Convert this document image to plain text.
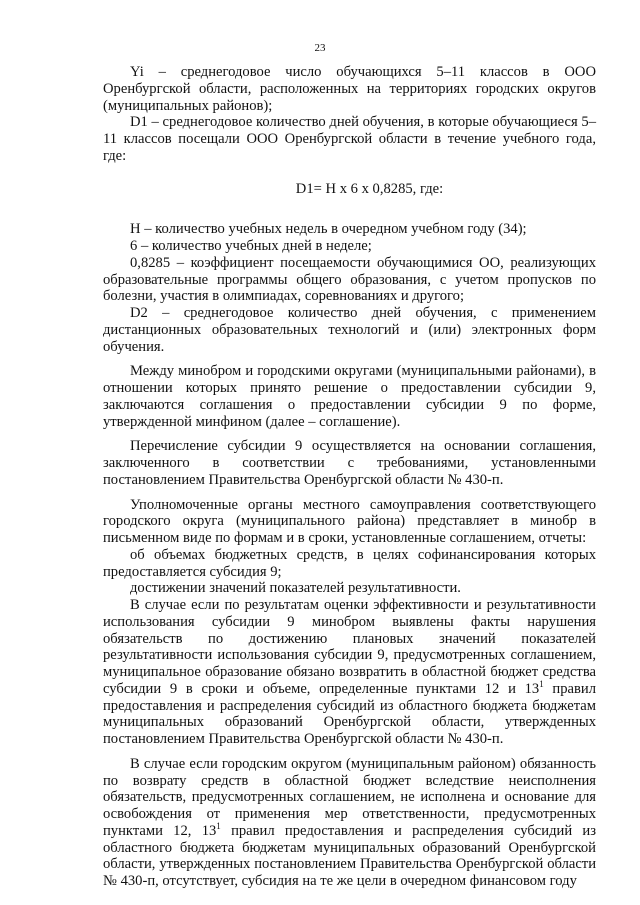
23

Yi – среднегодовое число обучающихся 5–11 классов в ООО Оренбургской области, расположенных на территориях городских округов (муниципальных районов);

D1 – среднегодовое количество дней обучения, в которые обучающиеся 5–11 классов посещали ООО Оренбургской области в течение учебного года, где:

D1= Н х 6 х 0,8285, где:

Н – количество учебных недель в очередном учебном году (34);

6 – количество учебных дней в неделе;

0,8285 – коэффициент посещаемости обучающимися ОО, реализующих образовательные программы общего образования, с учетом пропусков по болезни, участия в олимпиадах, соревнованиях и другого;

D2 – среднегодовое количество дней обучения, с применением дистанционных образовательных технологий и (или) электронных форм обучения.

Между минобром и городскими округами (муниципальными районами), в отношении которых принято решение о предоставлении субсидии 9, заключаются соглашения о предоставлении субсидии 9 по форме, утвержденной минфином (далее – соглашение).

Перечисление субсидии 9 осуществляется на основании соглашения, заключенного в соответствии с требованиями, установленными постановлением Правительства Оренбургской области № 430-п.

Уполномоченные органы местного самоуправления соответствующего городского округа (муниципального района) представляет в минобр в письменном виде по формам и в сроки, установленные соглашением, отчеты:

об объемах бюджетных средств, в целях софинансирования которых предоставляется субсидия 9;

достижении значений показателей результативности.

В случае если по результатам оценки эффективности и результативности использования субсидии 9 минобром выявлены факты нарушения обязательств по достижению плановых значений показателей результативности использования субсидии 9, предусмотренных соглашением, муниципальное образование обязано возвратить в областной бюджет средства субсидии 9 в сроки и объеме, определенные пунктами 12 и $13^1$ правил предоставления и распределения субсидий из областного бюджета бюджетам муниципальных образований Оренбургской области, утвержденных постановлением Правительства Оренбургской области № 430-п.

В случае если городским округом (муниципальным районом) обязанность по возврату средств в областной бюджет вследствие неисполнения обязательств, предусмотренных соглашением, не исполнена и основание для освобождения от применения мер ответственности, предусмотренных пунктами 12, $13^1$ правил предоставления и распределения субсидий из областного бюджета бюджетам муниципальных образований Оренбургской области, утвержденных постановлением Правительства Оренбургской области № 430-п, отсутствует, субсидия на те же цели в очередном финансовом году
